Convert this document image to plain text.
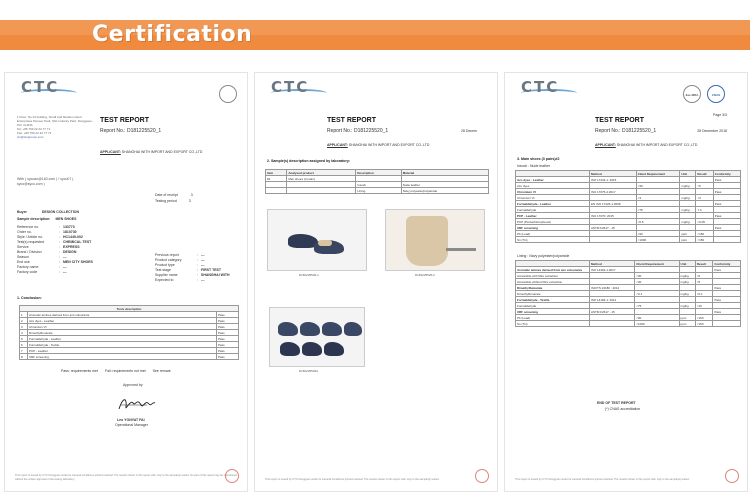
Certification
CTC
1 Floor, No.14 building, Small and Medium sized Enterprises Pioneer Park, SSL Industry Park, Dongguan - P.R. CHINA
Tel: +86 769 22 22 77 71
Fax: +86 769 22 22 77 71
ctc@ctcgroups.com
TEST REPORT
Report No.: D181225520_1
APPLICANT: SHANGHAI WITH IMPORT AND EXPORT CO.,LTD
With ( sycoao@163.com ) / syco07 ( syco@syco.com )
Date of receipt	3
Testing period	3
Buyer	DESIGN COLLECTION
Sample description: MEN SHOES
Reference no.	: 133773
Order no.	: 1810730
Style / Article no.	: HC1449-002
Test(s) requested	: CHEMICAL TEST
Service	: EXPRESS
Brand / Division	: DESIGN
Season	: ---
End use	: MEN CITY SHOES
Factory name	: ---
Factory code	: ---
Previous report	: ---
Product category	: ---
Product type	: ---
Test stage	: FIRST TEST
Supplier name	: SHANGHAI WITH
Expected to	: ---
1. Conclusion:
Tests description		
1	Aromatic amines derived from azo colourants	Pass
2	Azo dyes - Leather	Pass
3	Chromium VI	Pass
4	Dimethylfumarate	Pass
5	Formaldehyde - Leather	Pass
6	Formaldehyde - Textile	Pass
7	PCP - Leather	Pass
8	XRF screening	Pass
Pass: requirements met Fail: requirements not met See remark
Approved by
Leo YONYAT FAI
Operational Manager
This report is issued by CTC Dongguan under its General Conditions printed overleaf. The results shown in this report refer only to the sample(s) tested. No part of this report may be reproduced without the written approval of the testing laboratory.
CTC
TEST REPORT
Report No.: D181225520_1	28 Decem
APPLICANT: SHANGHAI WITH IMPORT AND EXPORT CO.,LTD
2. Sample(s) description assigned by laboratory:
Item	Analysed product	Description	Material
#2	Men shoes (3 pairs)		
		Insock	Nude leather
		Lining	Navy polyester/polyamide
D181225520-1	D181225520-2
D181225520A
This report is issued by CTC Dongguan under its General Conditions printed overleaf. The results shown in this report refer only to the sample(s) tested.
CTC	ilac-MRA	CNAS
Page 3/3
TEST REPORT
Report No.: D181225520_1	28 December 2018
APPLICANT: SHANGHAI WITH IMPORT AND EXPORT CO.,LTD
3. Main shoes (3 pairs)#2
Insock : Nude leather
	Method	Client Requirement	Unit	Result	Conformity
Azo dyes - Leather	ISO 17234-1: 2015				Pass
Azo dyes		<30	mg/kg	<5	
Chromium VI	ISO 17075-2:2017				Pass
Chromium VI		<3	mg/kg	<3	
Formaldehyde - Leather	EN ISO 17226-1:2008				Pass
Formaldehyde		<75	mg/kg	7.4	
PCP - Leather	ISO 17070: 2015				Pass
PCP (Pentachlorophenol)		<0.5	mg/kg	<0.05	
XRF screening	ASTM F2617 - 15				Pass
Pb (Lead)		<90	ppm	<150	
Sn (Tin)		<1000	ppm	<150	
Lining : Navy polyester/polyamide
	Method	Client Requirement	Unit	Result	Conformity
Aromatic amines derived from azo colourants	ISO 14362-1:2017				Pass
Accessible with fibre extraction		<30	mg/kg	<5	
Accessible without fibre extraction		<30	mg/kg	<5	
Dimethylfumarate	ISO/TS 16186 : 2012				Pass
Dimethylfumarate		<0.1	mg/kg	<0.1	
Formaldehyde - Textile	ISO 14184-1: 2011				Pass
Formaldehyde		<75	mg/kg	<16	
XRF screening	ASTM F2617 - 15				Pass
Pb (Lead)		<90	ppm	<150	
Sn (Tin)		<1000	ppm	<150	
END OF TEST REPORT
(*) CNAS accreditation
This report is issued by CTC Dongguan under its General Conditions printed overleaf. The results shown in this report refer only to the sample(s) tested.
